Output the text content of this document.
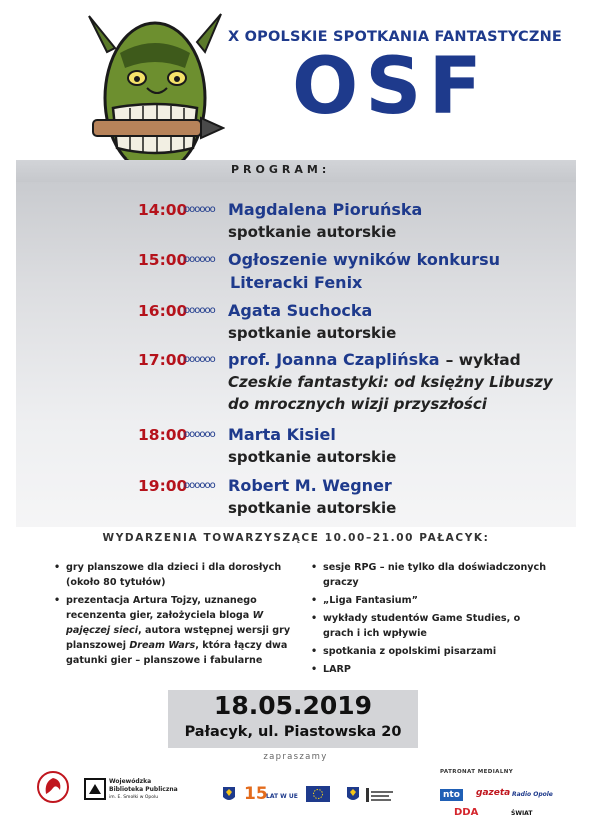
X OPOLSKIE SPOTKANIA FANTASTYCZNE
OSF
PROGRAM:
14:00
oooooo Magdalena Pioruńska
spotkanie autorskie
15:00
oooooo Ogłoszenie wyników konkursu
Literacki Fenix
16:00
oooooo Agata Suchocka
spotkanie autorskie
17:00
oooooo prof. Joanna Czaplińska – wykład
Czeskie fantastyki: od księżny Libuszy
do mrocznych wizji przyszłości
18:00
oooooo Marta Kisiel
spotkanie autorskie
19:00
oooooo Robert M. Wegner
spotkanie autorskie
WYDARZENIA TOWARZYSZĄCE 10.00–21.00 PAŁACYK:
• gry planszowe dla dzieci i dla dorosłych (około 80 tytułów)
• prezentacja Artura Tojzy, uznanego recenzenta gier, założyciela bloga W pajęczej sieci, autora wstępnej wersji gry planszowej Dream Wars, która łączy dwa gatunki gier – planszowe i fabularne
• sesje RPG – nie tylko dla doświadczonych graczy
• „Liga Fantasium”
• wykłady studentów Game Studies, o grach i ich wpływie
• spotkania z opolskimi pisarzami
• LARP
18.05.2019
Pałacyk, ul. Piastowska 20
zapraszamy
Wojewódzka
Biblioteka Publiczna
im. E. Smołki w Opolu	15
LAT W UE
PATRONAT MEDIALNY
nto	gazeta Radio Opole
DDA	ŚWIAT
